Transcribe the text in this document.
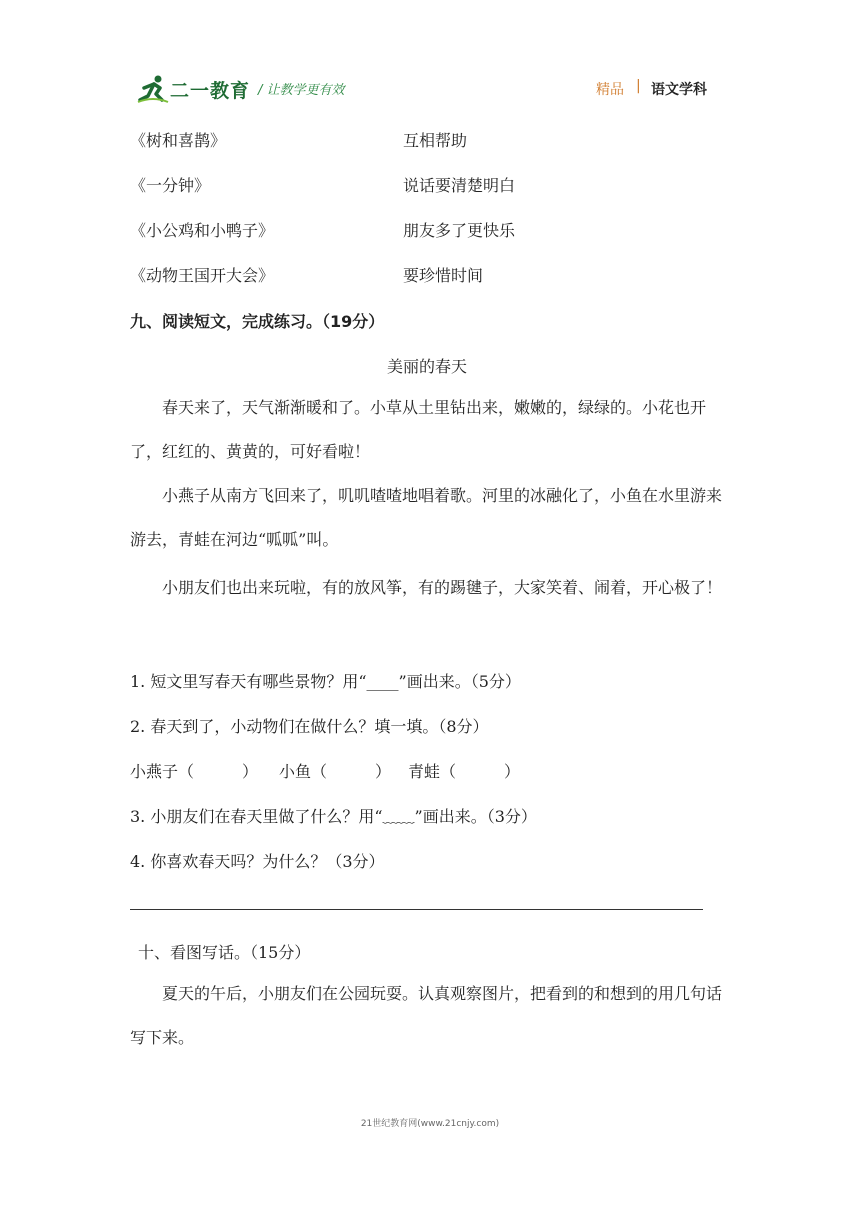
二一教育 / 让教学更有效	精品 | 语文学科
《树和喜鹊》
《一分钟》
《小公鸡和小鸭子》
《动物王国开大会》
互相帮助
说话要清楚明白
朋友多了更快乐
要珍惜时间
九、阅读短文，完成练习。（19分）
美丽的春天
春天来了，天气渐渐暖和了。小草从土里钻出来，嫩嫩的，绿绿的。小花也开了，红红的、黄黄的，可好看啦！
小燕子从南方飞回来了，叽叽喳喳地唱着歌。河里的冰融化了，小鱼在水里游来游去，青蛙在河边“呱呱”叫。
小朋友们也出来玩啦，有的放风筝，有的踢毽子，大家笑着、闹着，开心极了！
1. 短文里写春天有哪些景物？用“____”画出来。（5分）
2. 春天到了，小动物们在做什么？填一填。（8分）
小燕子（　　　） 小鱼（　　　） 青蛙（　　　）
3. 小朋友们在春天里做了什么？用“﹏﹏”画出来。（3分）
4. 你喜欢春天吗？为什么？（3分）
十、看图写话。（15分）
夏天的午后，小朋友们在公园玩耍。认真观察图片，把看到的和想到的用几句话写下来。
21世纪教育网(www.21cnjy.com)
